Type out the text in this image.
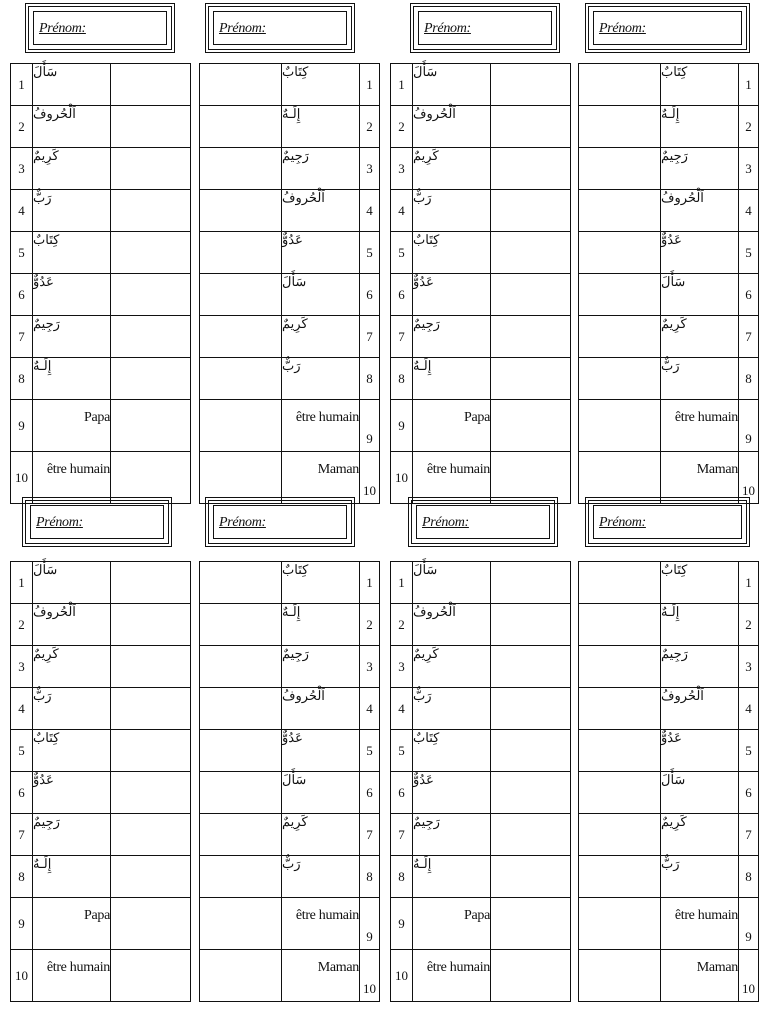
Prénom:
1	سَأَلَ	
2	اَلْحُروفُ	
3	كَرِيمٌ	
4	رَبٌّ	
5	كِتَابٌ	
6	عَدُوٌّ	
7	رَجِيمٌ	
8	إِلَـهٌ	
9	Papa	
10	être humain	
Prénom:
	كِتَابٌ	1
	إِلَـهٌ	2
	رَجِيمٌ	3
	اَلْحُروفُ	4
	عَدُوٌّ	5
	سَأَلَ	6
	كَرِيمٌ	7
	رَبٌّ	8
	être humain	9
	Maman	10
Prénom:
1	سَأَلَ	
2	اَلْحُروفُ	
3	كَرِيمٌ	
4	رَبٌّ	
5	كِتَابٌ	
6	عَدُوٌّ	
7	رَجِيمٌ	
8	إِلَـهٌ	
9	Papa	
10	être humain	
Prénom:
	كِتَابٌ	1
	إِلَـهٌ	2
	رَجِيمٌ	3
	اَلْحُروفُ	4
	عَدُوٌّ	5
	سَأَلَ	6
	كَرِيمٌ	7
	رَبٌّ	8
	être humain	9
	Maman	10
Prénom:
1	سَأَلَ	
2	اَلْحُروفُ	
3	كَرِيمٌ	
4	رَبٌّ	
5	كِتَابٌ	
6	عَدُوٌّ	
7	رَجِيمٌ	
8	إِلَـهٌ	
9	Papa	
10	être humain	
Prénom:
	كِتَابٌ	1
	إِلَـهٌ	2
	رَجِيمٌ	3
	اَلْحُروفُ	4
	عَدُوٌّ	5
	سَأَلَ	6
	كَرِيمٌ	7
	رَبٌّ	8
	être humain	9
	Maman	10
Prénom:
1	سَأَلَ	
2	اَلْحُروفُ	
3	كَرِيمٌ	
4	رَبٌّ	
5	كِتَابٌ	
6	عَدُوٌّ	
7	رَجِيمٌ	
8	إِلَـهٌ	
9	Papa	
10	être humain	
Prénom:
	كِتَابٌ	1
	إِلَـهٌ	2
	رَجِيمٌ	3
	اَلْحُروفُ	4
	عَدُوٌّ	5
	سَأَلَ	6
	كَرِيمٌ	7
	رَبٌّ	8
	être humain	9
	Maman	10
